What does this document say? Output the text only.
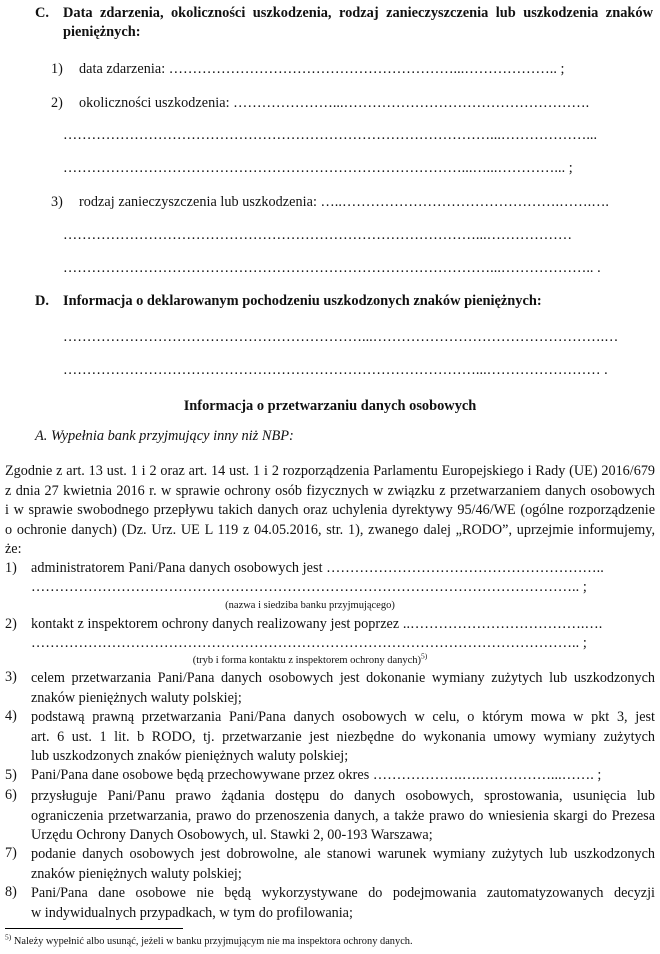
C. Data zdarzenia, okoliczności uszkodzenia, rodzaj zanieczyszczenia lub uszkodzenia znaków
pieniężnych:
1) data zdarzenia: ……………………………………………………...……………….. ;
2) okoliczności uszkodzenia: …………………...…………………………………………….
………………………………………………………………………………...………………...
…………………………………………………………………………...…...…………... ;
3) rodzaj zanieczyszczenia lub uszkodzenia: …..……………………………………….…….….
……………………………………………………………………………...………………
………………………………………………………………………………...……………….. .
D. Informacja o deklarowanym pochodzeniu uszkodzonych znaków pieniężnych:
………………………………………………………...………………………………………….…
……………………………………………………………………………...…………………… .
Informacja o przetwarzaniu danych osobowych
A. Wypełnia bank przyjmujący inny niż NBP:
Zgodnie z art. 13 ust. 1 i 2 oraz art. 14 ust. 1 i 2 rozporządzenia Parlamentu Europejskiego i Rady (UE) 2016/679
z dnia 27 kwietnia 2016 r. w sprawie ochrony osób fizycznych w związku z przetwarzaniem danych osobowych
i w sprawie swobodnego przepływu takich danych oraz uchylenia dyrektywy 95/46/WE (ogólne rozporządzenie
o ochronie danych) (Dz. Urz. UE L 119 z 04.05.2016, str. 1), zwanego dalej „RODO”, uprzejmie informujemy,
że:
1) administratorem Pani/Pana danych osobowych jest …………………………………………………..
…………………………………………………………………………………………………….. ;
(nazwa i siedziba banku przyjmującego)
2) kontakt z inspektorem ochrony danych realizowany jest poprzez ..……………………………….….
…………………………………………………………………………………………………….. ;
(tryb i forma kontaktu z inspektorem ochrony danych)$^{5)}$
3) celem przetwarzania Pani/Pana danych osobowych jest dokonanie wymiany zużytych lub uszkodzonych
znaków pieniężnych waluty polskiej;
4) podstawą prawną przetwarzania Pani/Pana danych osobowych w celu, o którym mowa w pkt 3, jest
art. 6 ust. 1 lit. b RODO, tj. przetwarzanie jest niezbędne do wykonania umowy wymiany zużytych
lub uszkodzonych znaków pieniężnych waluty polskiej;
5) Pani/Pana dane osobowe będą przechowywane przez okres ……………….….……………...……. ;
6) przysługuje Pani/Panu prawo żądania dostępu do danych osobowych, sprostowania, usunięcia lub
ograniczenia przetwarzania, prawo do przenoszenia danych, a także prawo do wniesienia skargi do Prezesa
Urzędu Ochrony Danych Osobowych, ul. Stawki 2, 00-193 Warszawa;
7) podanie danych osobowych jest dobrowolne, ale stanowi warunek wymiany zużytych lub uszkodzonych
znaków pieniężnych waluty polskiej;
8) Pani/Pana dane osobowe nie będą wykorzystywane do podejmowania zautomatyzowanych decyzji
w indywidualnych przypadkach, w tym do profilowania;
$^{5)}$ Należy wypełnić albo usunąć, jeżeli w banku przyjmującym nie ma inspektora ochrony danych.
